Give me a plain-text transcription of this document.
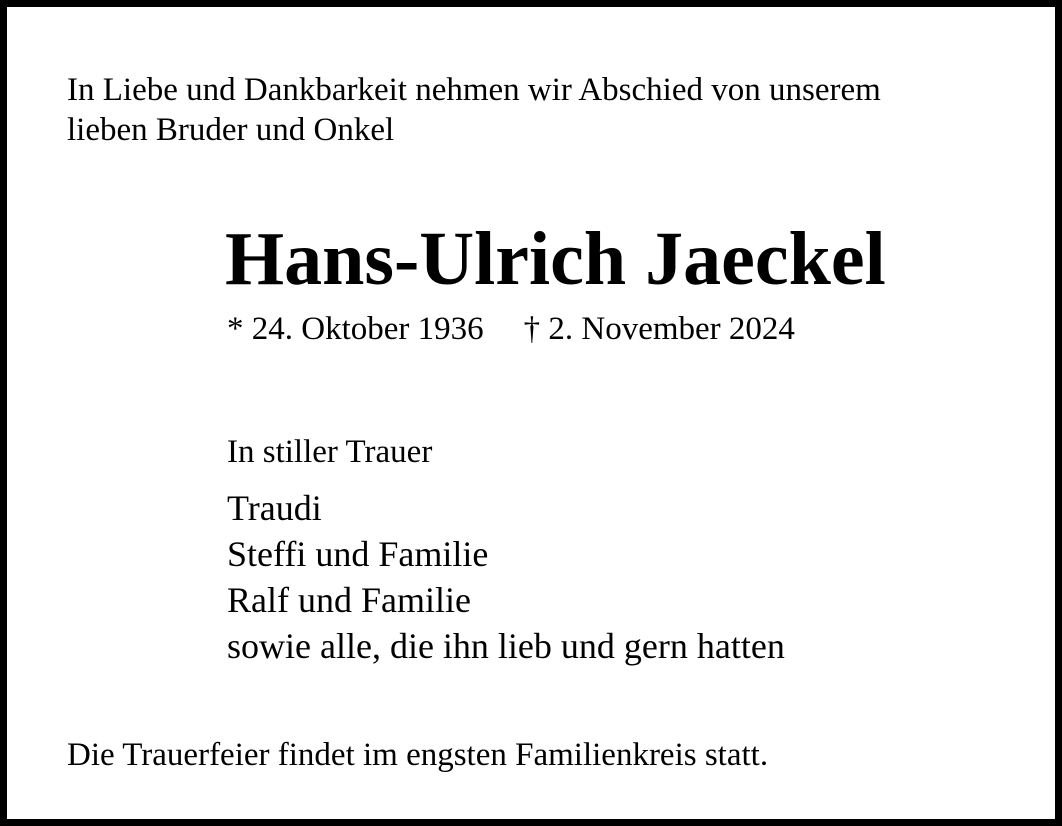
In Liebe und Dankbarkeit nehmen wir Abschied von unserem
lieben Bruder und Onkel

Hans-Ulrich Jaeckel
* 24. Oktober 1936 † 2. November 2024
In stiller Trauer
Traudi
Steffi und Familie
Ralf und Familie
sowie alle, die ihn lieb und gern hatten
Die Trauerfeier findet im engsten Familienkreis statt.
